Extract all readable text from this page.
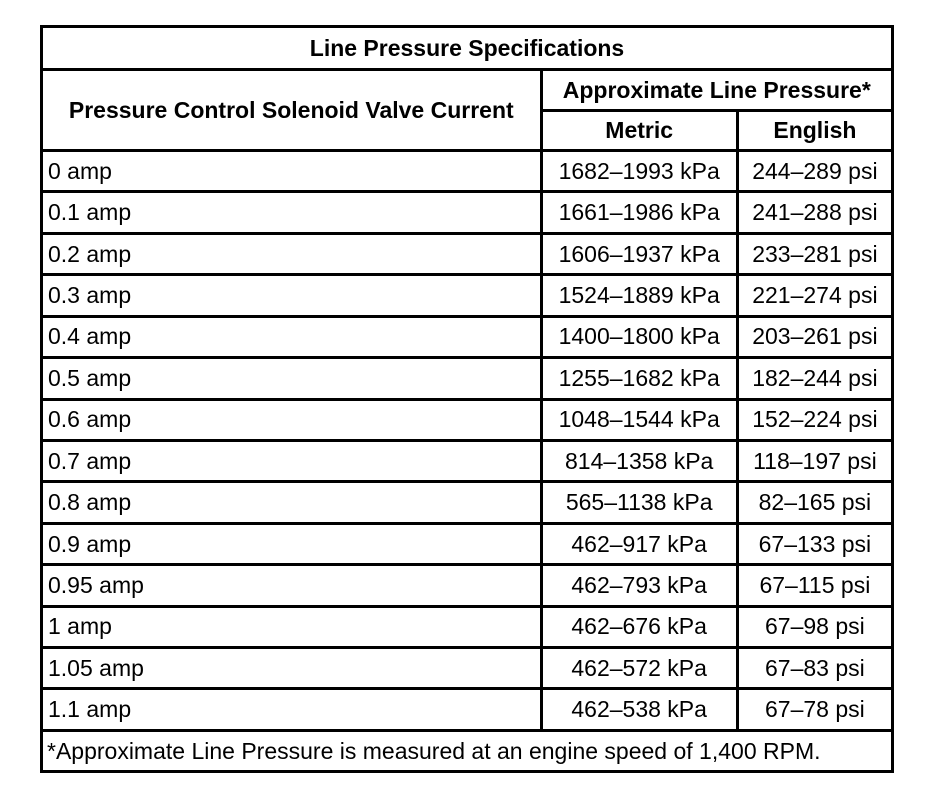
Line Pressure Specifications		
Pressure Control Solenoid Valve Current	Approximate Line Pressure*	
	Metric	English
0 amp	1682–1993 kPa	244–289 psi
0.1 amp	1661–1986 kPa	241–288 psi
0.2 amp	1606–1937 kPa	233–281 psi
0.3 amp	1524–1889 kPa	221–274 psi
0.4 amp	1400–1800 kPa	203–261 psi
0.5 amp	1255–1682 kPa	182–244 psi
0.6 amp	1048–1544 kPa	152–224 psi
0.7 amp	814–1358 kPa	118–197 psi
0.8 amp	565–1138 kPa	82–165 psi
0.9 amp	462–917 kPa	67–133 psi
0.95 amp	462–793 kPa	67–115 psi
1 amp	462–676 kPa	67–98 psi
1.05 amp	462–572 kPa	67–83 psi
1.1 amp	462–538 kPa	67–78 psi
*Approximate Line Pressure is measured at an engine speed of 1,400 RPM.		
